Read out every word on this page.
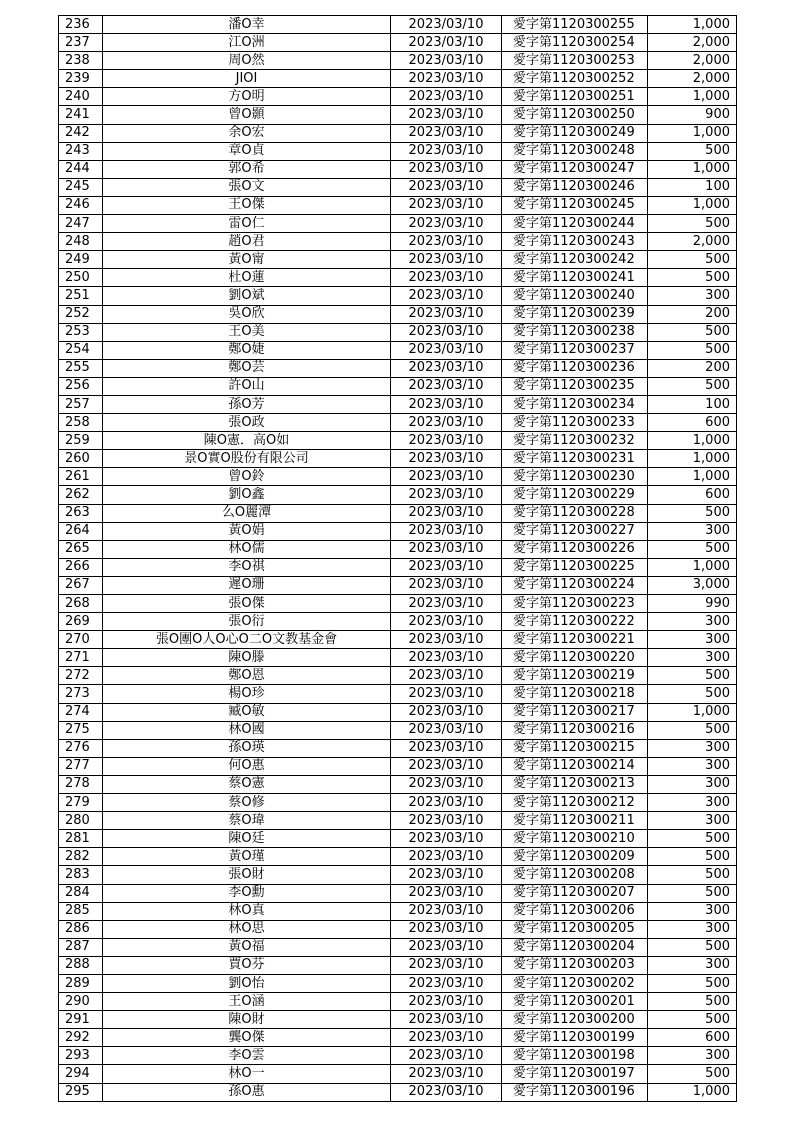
236	潘O幸	2023/03/10	愛字第1120300255	1,000
237	江O洲	2023/03/10	愛字第1120300254	2,000
238	周O然	2023/03/10	愛字第1120300253	2,000
239	JIOI	2023/03/10	愛字第1120300252	2,000
240	方O明	2023/03/10	愛字第1120300251	1,000
241	曾O顥	2023/03/10	愛字第1120300250	900
242	余O宏	2023/03/10	愛字第1120300249	1,000
243	章O貞	2023/03/10	愛字第1120300248	500
244	郭O希	2023/03/10	愛字第1120300247	1,000
245	張O文	2023/03/10	愛字第1120300246	100
246	王O傑	2023/03/10	愛字第1120300245	1,000
247	雷O仁	2023/03/10	愛字第1120300244	500
248	趙O君	2023/03/10	愛字第1120300243	2,000
249	黃O甯	2023/03/10	愛字第1120300242	500
250	杜O蓮	2023/03/10	愛字第1120300241	500
251	劉O斌	2023/03/10	愛字第1120300240	300
252	吳O欣	2023/03/10	愛字第1120300239	200
253	王O美	2023/03/10	愛字第1120300238	500
254	鄭O婕	2023/03/10	愛字第1120300237	500
255	鄭O芸	2023/03/10	愛字第1120300236	200
256	許O山	2023/03/10	愛字第1120300235	500
257	孫O芳	2023/03/10	愛字第1120300234	100
258	張O政	2023/03/10	愛字第1120300233	600
259	陳O憲．高O如	2023/03/10	愛字第1120300232	1,000
260	景O實O股份有限公司	2023/03/10	愛字第1120300231	1,000
261	曾O鈴	2023/03/10	愛字第1120300230	1,000
262	劉O鑫	2023/03/10	愛字第1120300229	600
263	么O麗潭	2023/03/10	愛字第1120300228	500
264	黃O娟	2023/03/10	愛字第1120300227	300
265	林O儒	2023/03/10	愛字第1120300226	500
266	李O祺	2023/03/10	愛字第1120300225	1,000
267	遲O珊	2023/03/10	愛字第1120300224	3,000
268	張O傑	2023/03/10	愛字第1120300223	990
269	張O衍	2023/03/10	愛字第1120300222	300
270	張O團O人O心O二O文教基金會	2023/03/10	愛字第1120300221	300
271	陳O滕	2023/03/10	愛字第1120300220	300
272	鄭O恩	2023/03/10	愛字第1120300219	500
273	楊O珍	2023/03/10	愛字第1120300218	500
274	臧O敏	2023/03/10	愛字第1120300217	1,000
275	林O國	2023/03/10	愛字第1120300216	500
276	孫O瑛	2023/03/10	愛字第1120300215	300
277	何O惠	2023/03/10	愛字第1120300214	300
278	蔡O憲	2023/03/10	愛字第1120300213	300
279	蔡O修	2023/03/10	愛字第1120300212	300
280	蔡O瑋	2023/03/10	愛字第1120300211	300
281	陳O廷	2023/03/10	愛字第1120300210	500
282	黃O瑾	2023/03/10	愛字第1120300209	500
283	張O財	2023/03/10	愛字第1120300208	500
284	李O勳	2023/03/10	愛字第1120300207	500
285	林O真	2023/03/10	愛字第1120300206	300
286	林O思	2023/03/10	愛字第1120300205	300
287	黃O福	2023/03/10	愛字第1120300204	500
288	賈O芬	2023/03/10	愛字第1120300203	300
289	劉O怡	2023/03/10	愛字第1120300202	500
290	王O涵	2023/03/10	愛字第1120300201	500
291	陳O財	2023/03/10	愛字第1120300200	500
292	龔O傑	2023/03/10	愛字第1120300199	600
293	李O雲	2023/03/10	愛字第1120300198	300
294	林O一	2023/03/10	愛字第1120300197	500
295	孫O惠	2023/03/10	愛字第1120300196	1,000
